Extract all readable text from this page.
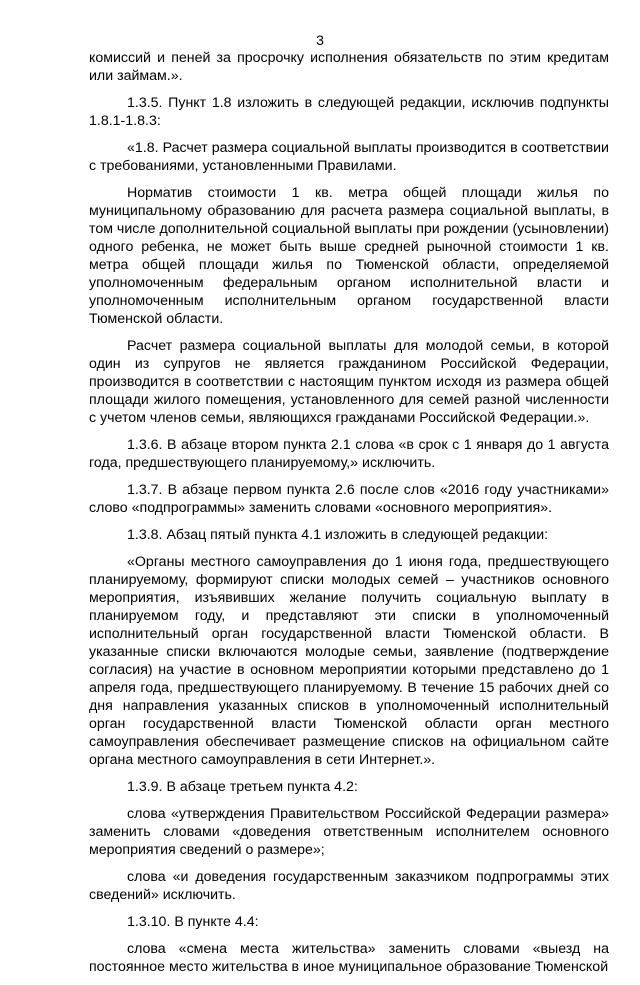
3

комиссий и пеней за просрочку исполнения обязательств по этим кредитам или займам.».

1.3.5. Пункт 1.8 изложить в следующей редакции, исключив подпункты 1.8.1-1.8.3:

«1.8. Расчет размера социальной выплаты производится в соответствии с требованиями, установленными Правилами.

Норматив стоимости 1 кв. метра общей площади жилья по муниципальному образованию для расчета размера социальной выплаты, в том числе дополнительной социальной выплаты при рождении (усыновлении) одного ребенка, не может быть выше средней рыночной стоимости 1 кв. метра общей площади жилья по Тюменской области, определяемой уполномоченным федеральным органом исполнительной власти и уполномоченным исполнительным органом государственной власти Тюменской области.

Расчет размера социальной выплаты для молодой семьи, в которой один из супругов не является гражданином Российской Федерации, производится в соответствии с настоящим пунктом исходя из размера общей площади жилого помещения, установленного для семей разной численности с учетом членов семьи, являющихся гражданами Российской Федерации.».

1.3.6. В абзаце втором пункта 2.1 слова «в срок с 1 января до 1 августа года, предшествующего планируемому,» исключить.

1.3.7. В абзаце первом пункта 2.6 после слов «2016 году участниками» слово «подпрограммы» заменить словами «основного мероприятия».

1.3.8. Абзац пятый пункта 4.1 изложить в следующей редакции:

«Органы местного самоуправления до 1 июня года, предшествующего планируемому, формируют списки молодых семей – участников основного мероприятия, изъявивших желание получить социальную выплату в планируемом году, и представляют эти списки в уполномоченный исполнительный орган государственной власти Тюменской области. В указанные списки включаются молодые семьи, заявление (подтверждение согласия) на участие в основном мероприятии которыми представлено до 1 апреля года, предшествующего планируемому. В течение 15 рабочих дней со дня направления указанных списков в уполномоченный исполнительный орган государственной власти Тюменской области орган местного самоуправления обеспечивает размещение списков на официальном сайте органа местного самоуправления в сети Интернет.».

1.3.9. В абзаце третьем пункта 4.2:

слова «утверждения Правительством Российской Федерации размера» заменить словами «доведения ответственным исполнителем основного мероприятия сведений о размере»;

слова «и доведения государственным заказчиком подпрограммы этих сведений» исключить.

1.3.10. В пункте 4.4:

слова «смена места жительства» заменить словами «выезд на постоянное место жительства в иное муниципальное образование Тюменской
